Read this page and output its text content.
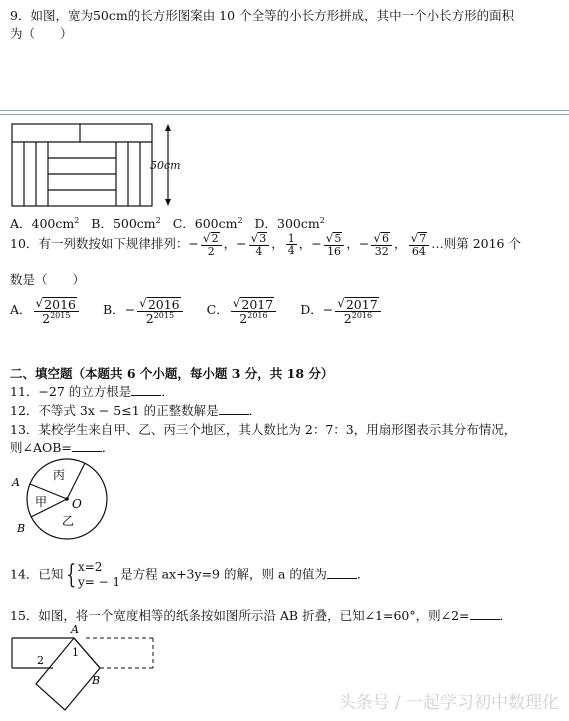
9．如图，宽为50cm的长方形图案由 10 个全等的小长方形拼成，其中一个小长方形的面积
为（　　）
50cm
A．$400cm^2$ B．$500cm^2$ C．$600cm^2$ D．$300cm^2$
10．有一列数按如下规律排列：− $\frac{√ 2}{2}$ ，− $\frac{√ 3}{4}$ ， $\frac{1}{4}$ ，− $\frac{√ 5}{16}$ ，− $\frac{√ 6}{32}$ ， $\frac{√ 7}{64}$ …则第 2016 个
数是（　　）
A． $\frac{√ 2016}{2^{2015}}$ B．− $\frac{√ 2016}{2^{2015}}$ C． $\frac{√ 2017}{2^{2016}}$ D．− $\frac{√ 2017}{2^{2016}}$
二、填空题（本题共 6 个小题，每小题 3 分，共 18 分）
11．−27 的立方根是 ．
12．不等式 3x − 5≤1 的正整数解是 ．
13．某校学生来自甲、乙、丙三个地区，其人数比为 2：7：3，用扇形图表示其分布情况，
则∠AOB= ．
A
B
O
甲
乙
丙
14．已知 { x=2
y= − 1
是方程 ax+3y=9 的解，则 a 的值为 ．
15．如图，将一个宽度相等的纸条按如图所示沿 AB 折叠，已知∠1=60°，则∠2= ．
A
B
1
2
头条号 / 一起学习初中数理化
